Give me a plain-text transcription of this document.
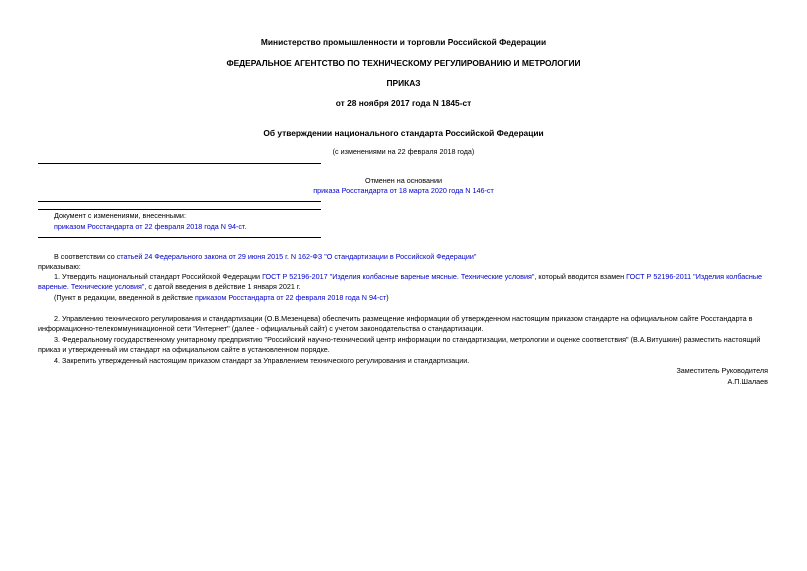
Министерство промышленности и торговли Российской Федерации
ФЕДЕРАЛЬНОЕ АГЕНТСТВО ПО ТЕХНИЧЕСКОМУ РЕГУЛИРОВАНИЮ И МЕТРОЛОГИИ
ПРИКАЗ
от 28 ноября 2017 года N 1845-ст
Об утверждении национального стандарта Российской Федерации
(с изменениями на 22 февраля 2018 года)
Отменен на основании
приказа Росстандарта от 18 марта 2020 года N 146-ст
Документ с изменениями, внесенными:
приказом Росстандарта от 22 февраля 2018 года N 94-ст.
В соответствии со статьей 24 Федерального закона от 29 июня 2015 г. N 162-ФЗ "О стандартизации в Российской Федерации"
приказываю:
1. Утвердить национальный стандарт Российской Федерации ГОСТ Р 52196-2017 "Изделия колбасные вареные мясные. Технические условия", который вводится взамен ГОСТ Р 52196-2011 "Изделия колбасные
вареные. Технические условия", с датой введения в действие 1 января 2021 г.
(Пункт в редакции, введенной в действие приказом Росстандарта от 22 февраля 2018 года N 94-ст)
2. Управлению технического регулирования и стандартизации (О.В.Мезенцева) обеспечить размещение информации об утвержденном настоящим приказом стандарте на официальном сайте Росстандарта в
информационно-телекоммуникационной сети "Интернет" (далее - официальный сайт) с учетом законодательства о стандартизации.
3. Федеральному государственному унитарному предприятию "Российский научно-технический центр информации по стандартизации, метрологии и оценке соответствия" (В.А.Витушкин) разместить настоящий
приказ и утвержденный им стандарт на официальном сайте в установленном порядке.
4. Закрепить утвержденный настоящим приказом стандарт за Управлением технического регулирования и стандартизации.
Заместитель Руководителя
А.П.Шалаев
